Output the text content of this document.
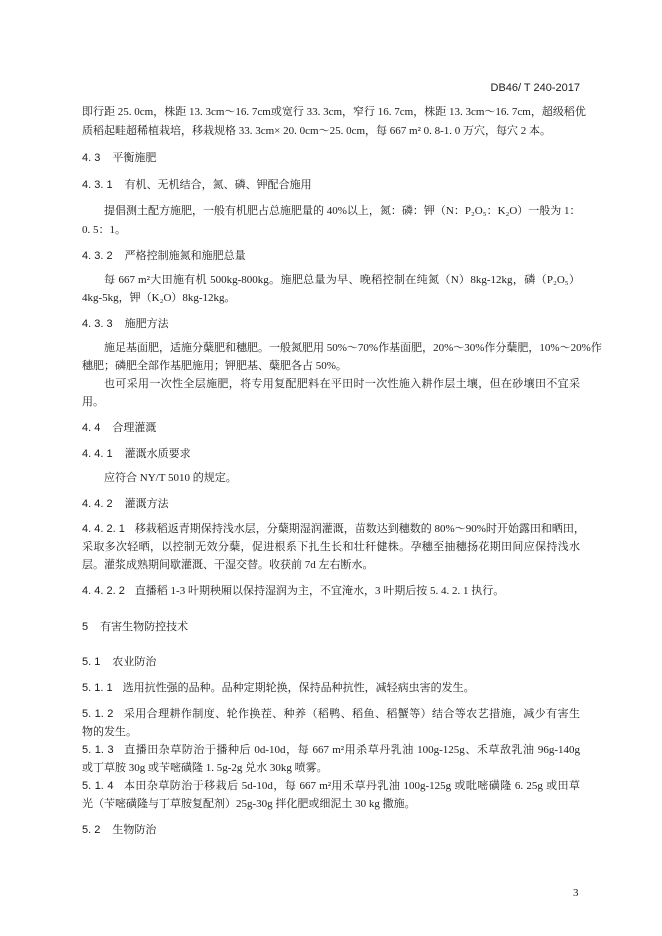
DB46/ T 240-2017
即行距 25. 0cm，株距 13. 3cm～16. 7cm或宽行 33. 3cm，窄行 16. 7cm，株距 13. 3cm～16. 7cm，超级稻优
质稻起畦超稀植栽培，移栽规格 33. 3cm× 20. 0cm～25. 0cm，每 667 m² 0. 8-1. 0 万穴，每穴 2 本。
4. 3 平衡施肥
4. 3. 1 有机、无机结合，氮、磷、钾配合施用
提倡测土配方施肥，一般有机肥占总施肥量的 40%以上，氮：磷：钾（N：P₂O₅：K₂O）一般为 1：
0. 5：1。
4. 3. 2 严格控制施氮和施肥总量
每 667 m²大田施有机 500kg-800kg。施肥总量为早、晚稻控制在纯氮（N）8kg-12kg，磷（P₂O₅）
4kg-5kg，钾（K₂O）8kg-12kg。
4. 3. 3 施肥方法
施足基面肥，适施分蘖肥和穗肥。一般氮肥用 50%～70%作基面肥，20%～30%作分蘖肥，10%～20%作
穗肥；磷肥全部作基肥施用；钾肥基、蘖肥各占 50%。
也可采用一次性全层施肥，将专用复配肥料在平田时一次性施入耕作层土壤，但在砂壤田不宜采
用。
4. 4 合理灌溉
4. 4. 1 灌溉水质要求
应符合 NY/T 5010 的规定。
4. 4. 2 灌溉方法
4. 4. 2. 1 移栽稻返青期保持浅水层，分蘖期湿润灌溉，苗数达到穗数的 80%～90%时开始露田和晒田，
采取多次轻晒，以控制无效分蘖，促进根系下扎生长和壮秆健株。孕穗至抽穗扬花期田间应保持浅水
层。灌浆成熟期间歇灌溉、干湿交替。收获前 7d 左右断水。
4. 4. 2. 2 直播稻 1-3 叶期秧厢以保持湿润为主，不宜淹水，3 叶期后按 5. 4. 2. 1 执行。
5 有害生物防控技术
5. 1 农业防治
5. 1. 1 选用抗性强的品种。品种定期轮换，保持品种抗性，减轻病虫害的发生。
5. 1. 2 采用合理耕作制度、轮作换茬、种养（稻鸭、稻鱼、稻蟹等）结合等农艺措施，减少有害生
物的发生。
5. 1. 3 直播田杂草防治于播种后 0d-10d，每 667 m²用杀草丹乳油 100g-125g、禾草敌乳油 96g-140g
或丁草胺 30g 或苄嘧磺隆 1. 5g-2g 兑水 30kg 喷雾。
5. 1. 4 本田杂草防治于移栽后 5d-10d，每 667 m²用禾草丹乳油 100g-125g 或吡嘧磺隆 6. 25g 或田草
光（苄嘧磺隆与丁草胺复配剂）25g-30g 拌化肥或细泥土 30 kg 撒施。
5. 2 生物防治
3
